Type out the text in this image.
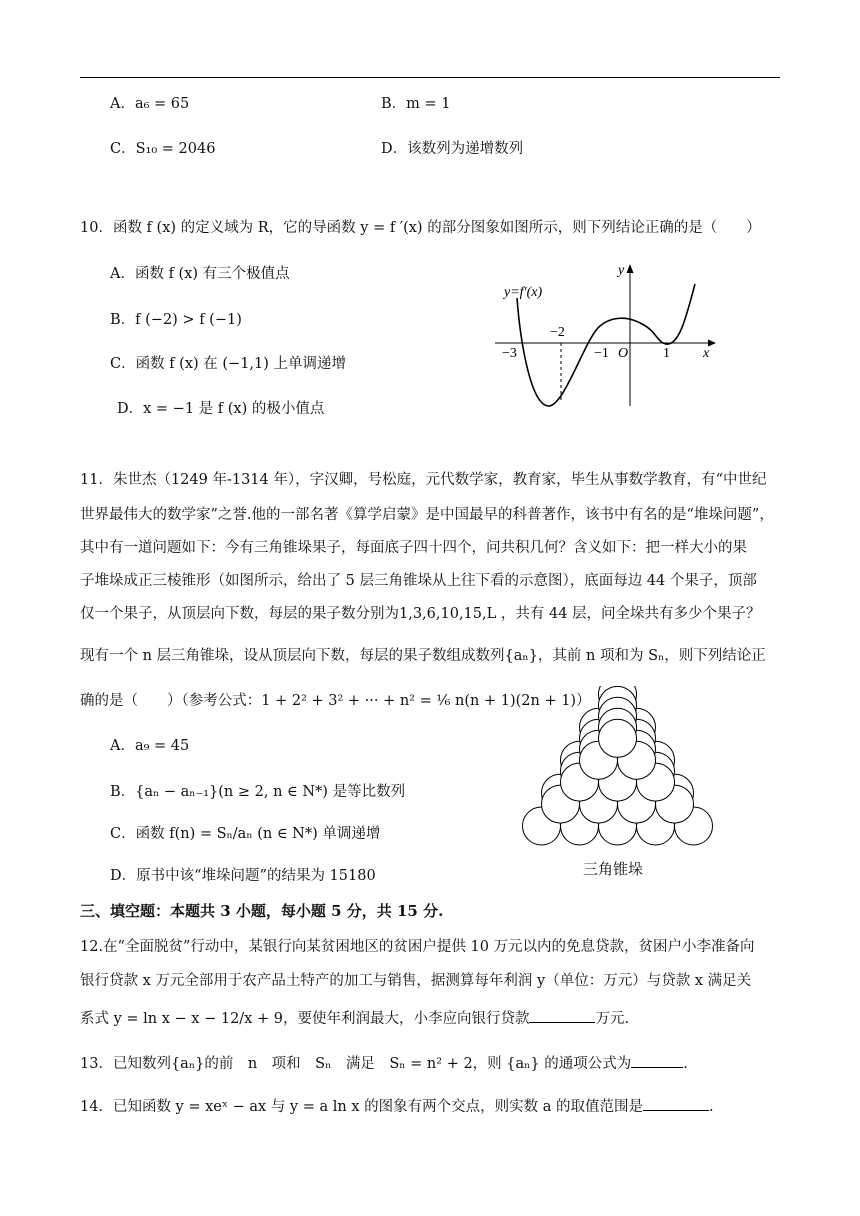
A．a₆ = 65	B．m = 1
C．S₁₀ = 2046	D．该数列为递增数列
10．函数 f (x) 的定义域为 R，它的导函数 y = f ′(x) 的部分图象如图所示，则下列结论正确的是（　　）
A．函数 f (x) 有三个极值点
B．f (−2) > f (−1)
C．函数 f (x) 在 (−1,1) 上单调递增
D．x = −1 是 f (x) 的极小值点
y=f′(x)
y
x
O
−3
−2
−1	1
11．朱世杰（1249 年-1314 年），字汉卿，号松庭，元代数学家，教育家，毕生从事数学教育，有“中世纪
世界最伟大的数学家”之誉.他的一部名著《算学启蒙》是中国最早的科普著作，该书中有名的是“堆垛问题”，
其中有一道问题如下：今有三角锥垛果子，每面底子四十四个，问共积几何？含义如下：把一样大小的果
子堆垛成正三棱锥形（如图所示，给出了 5 层三角锥垛从上往下看的示意图），底面每边 44 个果子，顶部
仅一个果子，从顶层向下数，每层的果子数分别为1,3,6,10,15,L ，共有 44 层，问全垛共有多少个果子？
现有一个 n 层三角锥垛，设从顶层向下数，每层的果子数组成数列{aₙ}，其前 n 项和为 Sₙ，则下列结论正
确的是（　　）（参考公式：1 + 2² + 3² + ··· + n² = ¹⁄₆ n(n + 1)(2n + 1)）
A．a₉ = 45
B．{aₙ − aₙ₋₁}(n ≥ 2, n ∈ N*) 是等比数列
C．函数 f(n) = Sₙ/aₙ (n ∈ N*) 单调递增
D．原书中该“堆垛问题”的结果为 15180	三角锥垛
三、填空题：本题共 3 小题，每小题 5 分，共 15 分.
12.在“全面脱贫”行动中，某银行向某贫困地区的贫困户提供 10 万元以内的免息贷款，贫困户小李准备向
银行贷款 x 万元全部用于农产品土特产的加工与销售，据测算每年利润 y（单位：万元）与贷款 x 满足关
系式 y = ln x − x − 12/x + 9，要使年利润最大，小李应向银行贷款	万元.
13．已知数列{aₙ}的前　n　项和　Sₙ　满足　Sₙ = n² + 2，则 {aₙ} 的通项公式为	.
14．已知函数 y = xeˣ − ax 与 y = a ln x 的图象有两个交点，则实数 a 的取值范围是	.
